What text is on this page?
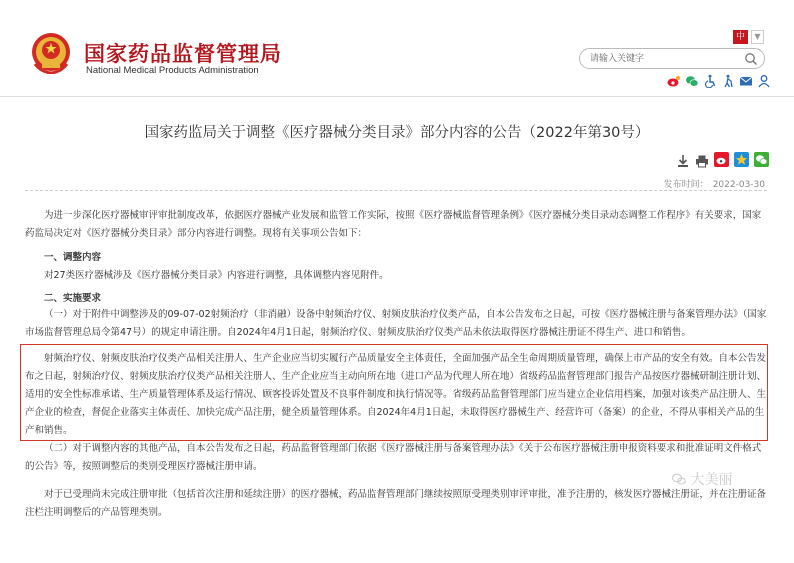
国家药品监督管理局
National Medical Products Administration
中	▼
请输入关键字
国家药监局关于调整《医疗器械分类目录》部分内容的公告（2022年第30号）
发布时间： 2022-03-30

为进一步深化医疗器械审评审批制度改革，依据医疗器械产业发展和监管工作实际，按照《医疗器械监督管理条例》《医疗器械分类目录动态调整工作程序》有关要求，国家药监局决定对《医疗器械分类目录》部分内容进行调整。现将有关事项公告如下：

一、调整内容

对27类医疗器械涉及《医疗器械分类目录》内容进行调整，具体调整内容见附件。

二、实施要求

（一）对于附件中调整涉及的09-07-02射频治疗（非消融）设备中射频治疗仪、射频皮肤治疗仪类产品，自本公告发布之日起，可按《医疗器械注册与备案管理办法》（国家市场监督管理总局令第47号）的规定申请注册。自2024年4月1日起，射频治疗仪、射频皮肤治疗仪类产品未依法取得医疗器械注册证不得生产、进口和销售。

射频治疗仪、射频皮肤治疗仪类产品相关注册人、生产企业应当切实履行产品质量安全主体责任，全面加强产品全生命周期质量管理，确保上市产品的安全有效。自本公告发布之日起，射频治疗仪、射频皮肤治疗仪类产品相关注册人、生产企业应当主动向所在地（进口产品为代理人所在地）省级药品监督管理部门报告产品按医疗器械研制注册计划、适用的安全性标准承诺、生产质量管理体系及运行情况、顾客投诉处置及不良事件制度和执行情况等。省级药品监督管理部门应当建立企业信用档案，加强对该类产品注册人、生产企业的检查，督促企业落实主体责任、加快完成产品注册，健全质量管理体系。自2024年4月1日起，未取得医疗器械生产、经营许可（备案）的企业，不得从事相关产品的生产和销售。

（二）对于调整内容的其他产品，自本公告发布之日起，药品监督管理部门依据《医疗器械注册与备案管理办法》《关于公布医疗器械注册申报资料要求和批准证明文件格式的公告》等，按照调整后的类别受理医疗器械注册申请。

对于已受理尚未完成注册审批（包括首次注册和延续注册）的医疗器械，药品监督管理部门继续按照原受理类别审评审批，准予注册的，核发医疗器械注册证，并在注册证备注栏注明调整后的产品管理类别。

大美丽
